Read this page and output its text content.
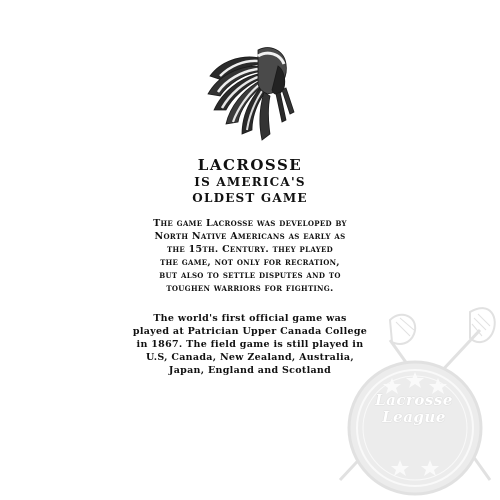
LACROSSE
IS AMERICA'S
OLDEST GAME
Lacrosse
League
The game Lacrosse was developed by
North Native Americans as early as
the 15th. Century. they played
the game, not only for recration,
but also to settle disputes and to
toughen warriors for fighting.
The world's first official game was
played at Patrician Upper Canada College
in 1867. The field game is still played in
U.S, Canada, New Zealand, Australia,
Japan, England and Scotland
